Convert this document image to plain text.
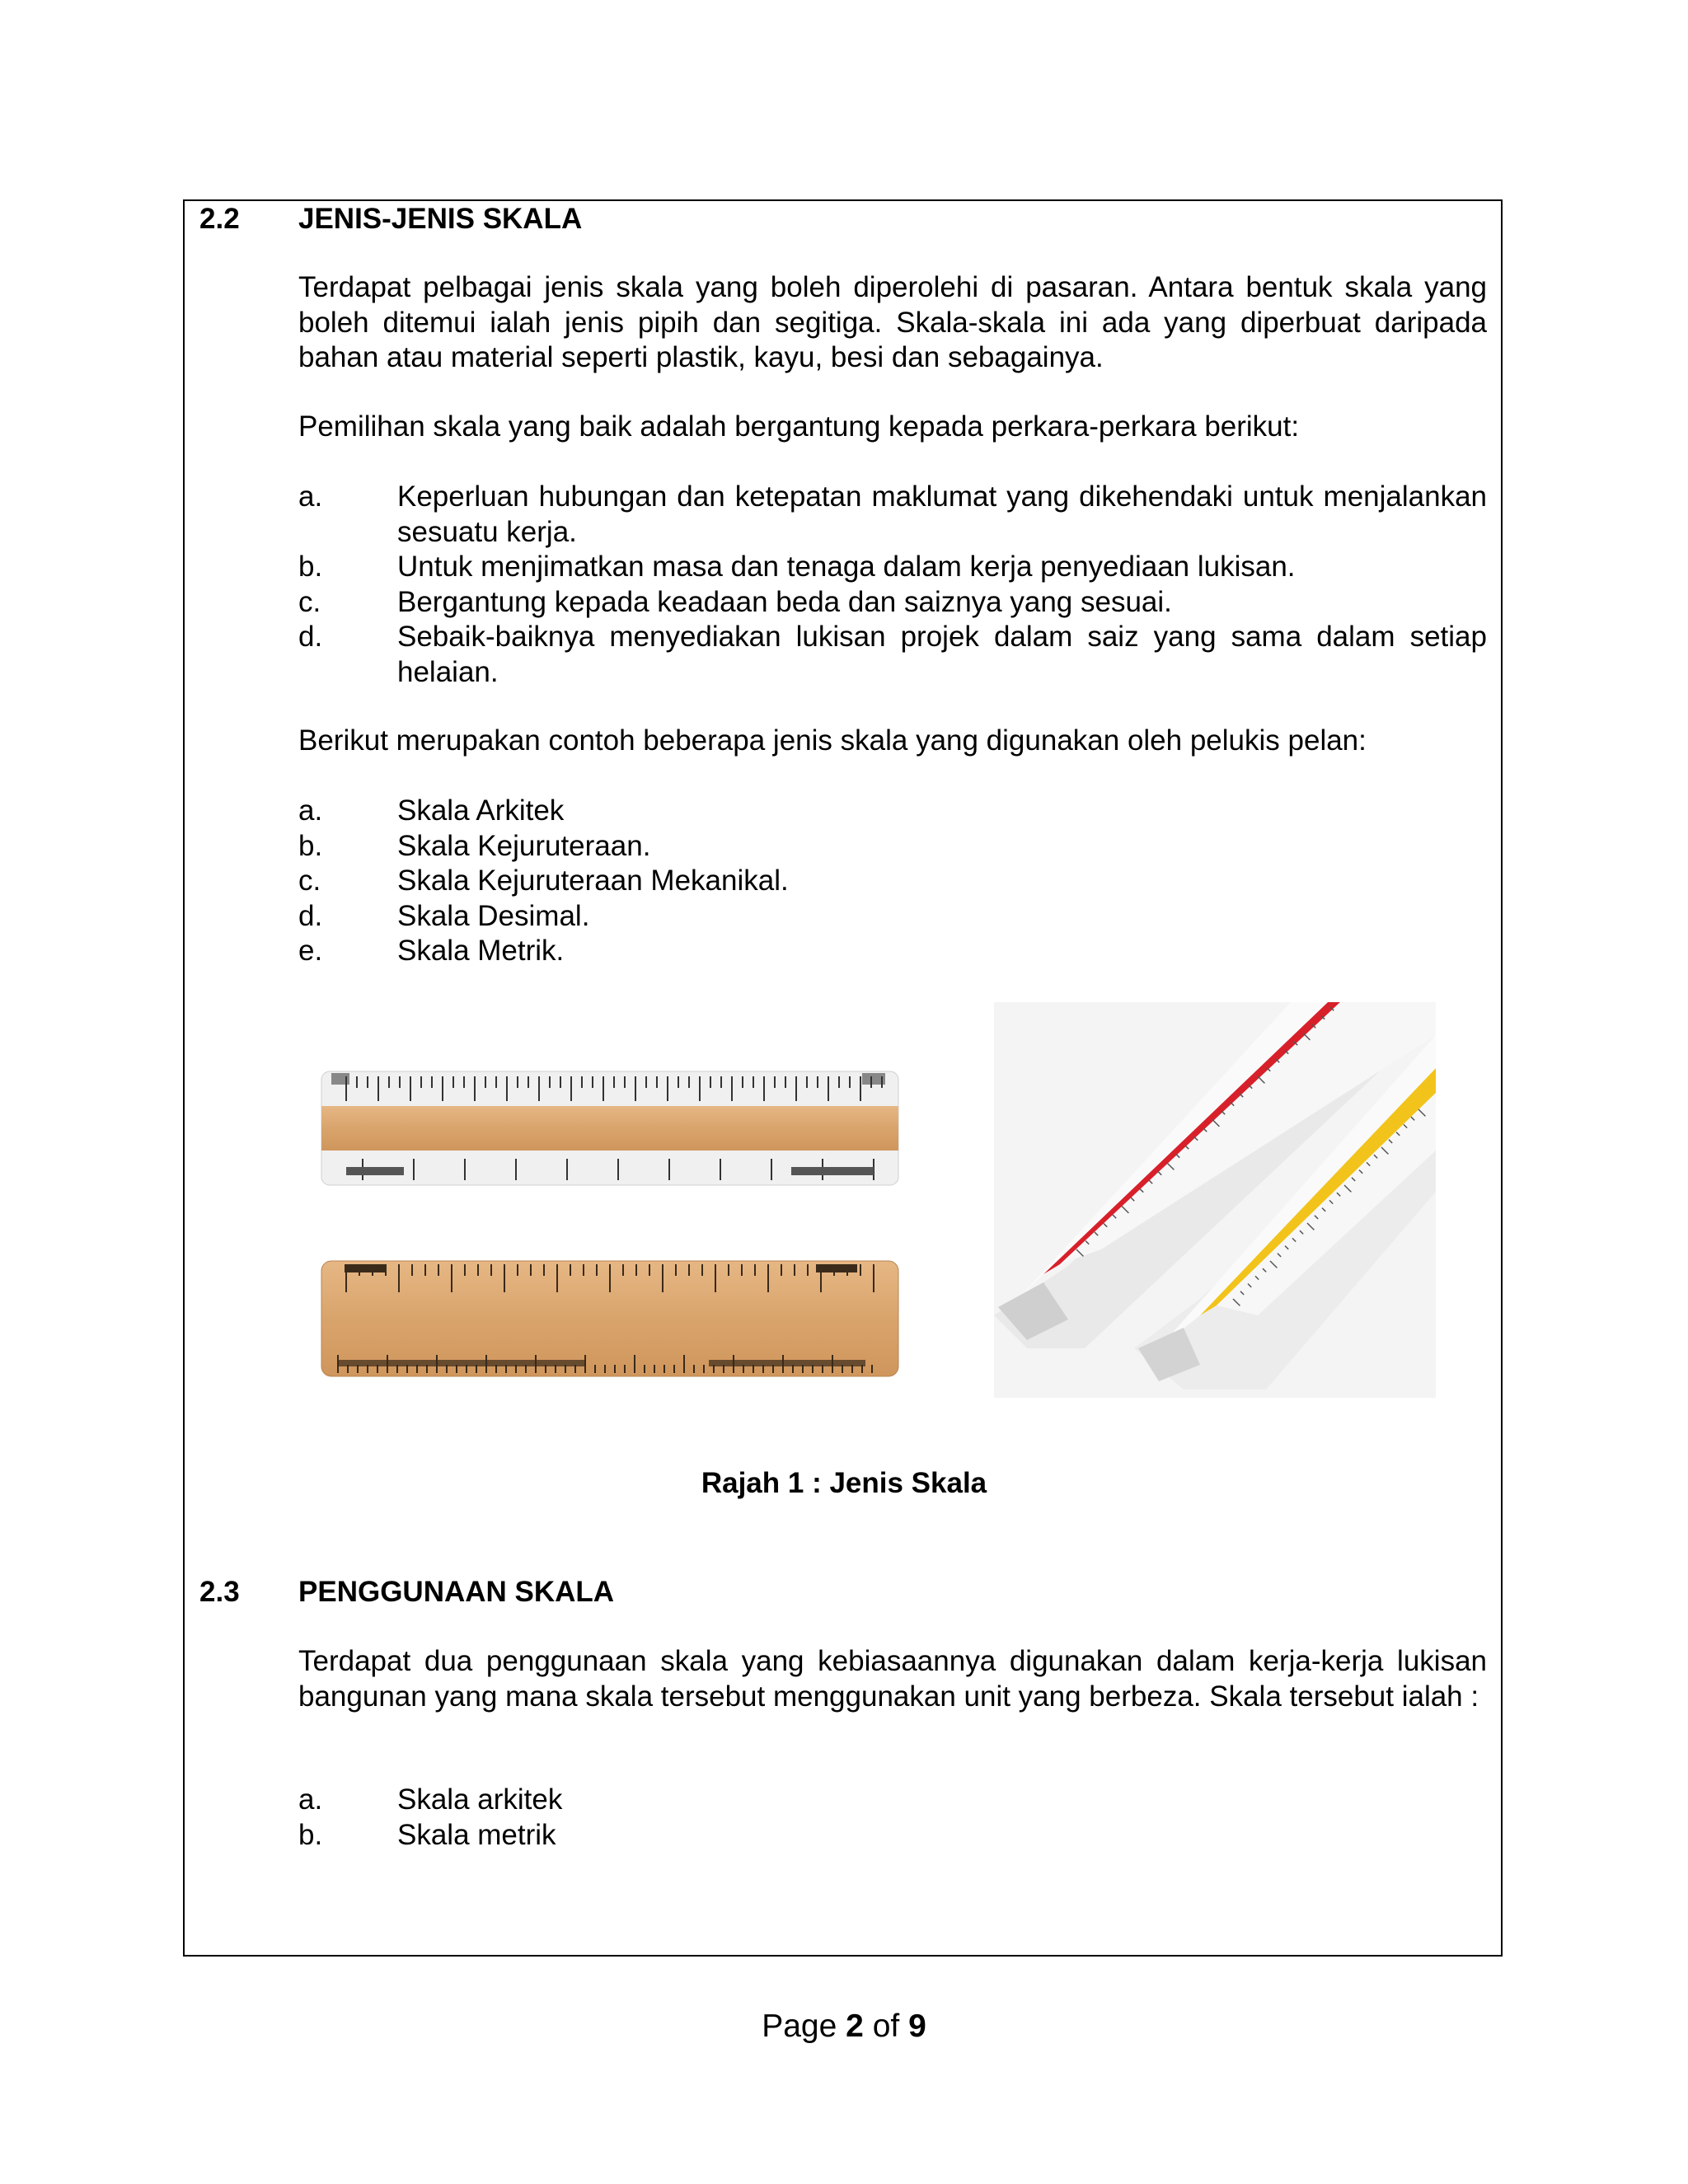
2.2 JENIS-JENIS SKALA

Terdapat pelbagai jenis skala yang boleh diperolehi di pasaran. Antara bentuk skala yang boleh ditemui ialah jenis pipih dan segitiga. Skala-skala ini ada yang diperbuat daripada bahan atau material seperti plastik, kayu, besi dan sebagainya.

Pemilihan skala yang baik adalah bergantung kepada perkara-perkara berikut:

a.	Keperluan hubungan dan ketepatan maklumat yang dikehendaki untuk menjalankan sesuatu kerja.
b.	Untuk menjimatkan masa dan tenaga dalam kerja penyediaan lukisan.
c.	Bergantung kepada keadaan beda dan saiznya yang sesuai.
d.	Sebaik-baiknya menyediakan lukisan projek dalam saiz yang sama dalam setiap helaian.

Berikut merupakan contoh beberapa jenis skala yang digunakan oleh pelukis pelan:

a.	Skala Arkitek
b.	Skala Kejuruteraan.
c.	Skala Kejuruteraan Mekanikal.
d.	Skala Desimal.
e.	Skala Metrik.
Rajah 1 : Jenis Skala
2.3 PENGGUNAAN SKALA

Terdapat dua penggunaan skala yang kebiasaannya digunakan dalam kerja-kerja lukisan bangunan yang mana skala tersebut menggunakan unit yang berbeza. Skala tersebut ialah :

a.	Skala arkitek
b.	Skala metrik
Page 2 of 9
